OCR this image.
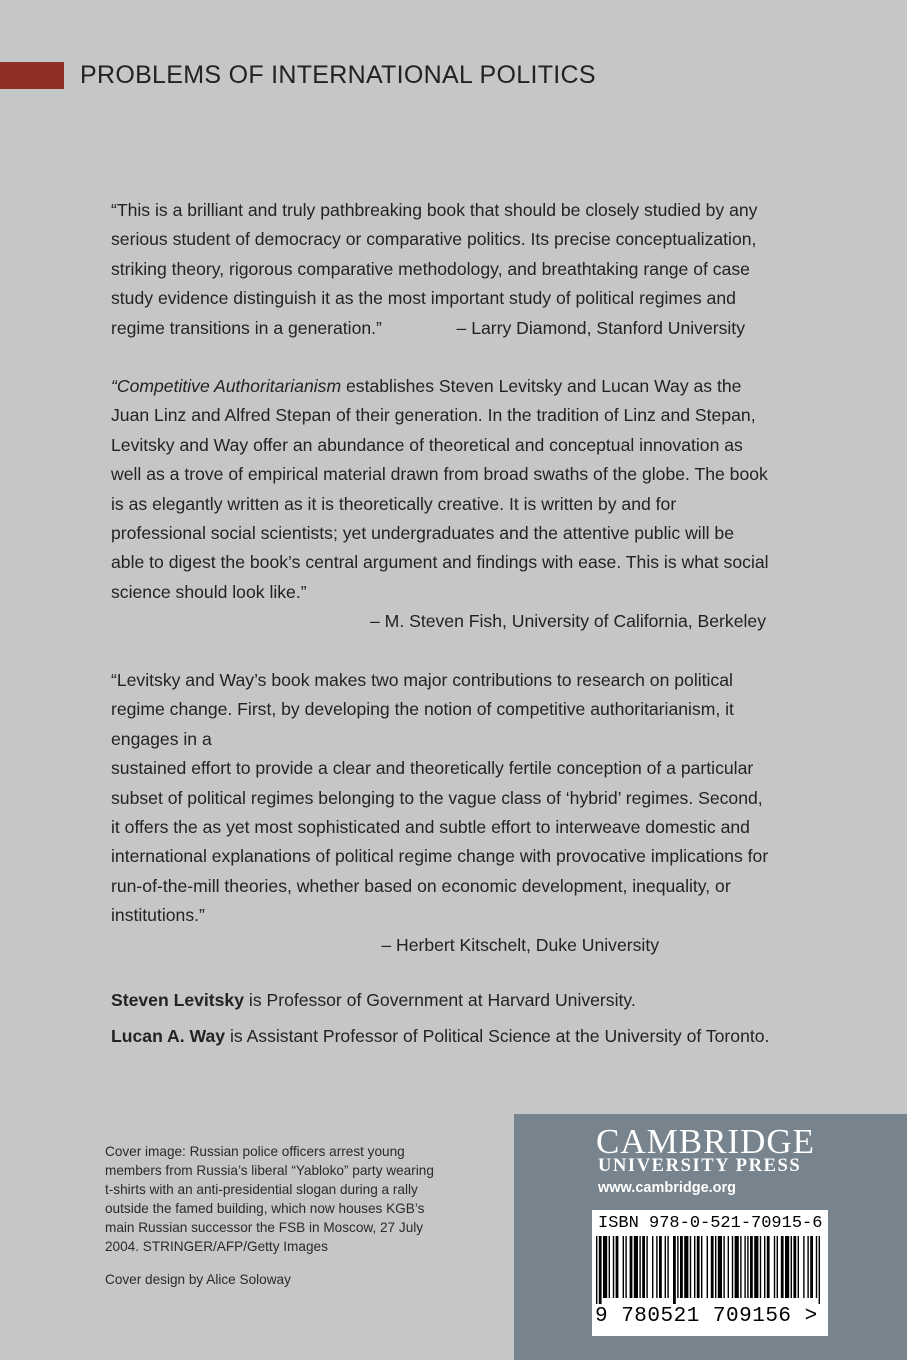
PROBLEMS OF INTERNATIONAL POLITICS

“This is a brilliant and truly pathbreaking book that should be closely studied by any serious student of democracy or comparative politics. Its precise conceptualization, striking theory, rigorous comparative methodology, and breathtaking range of case study evidence distinguish it as the most important study of political regimes and regime transitions in a generation.”	– Larry Diamond, Stanford University

“Competitive Authoritarianism establishes Steven Levitsky and Lucan Way as the Juan Linz and Alfred Stepan of their generation. In the tradition of Linz and Stepan, Levitsky and Way offer an abundance of theoretical and conceptual innovation as well as a trove of empirical material drawn from broad swaths of the globe. The book is as elegantly written as it is theoretically creative. It is written by and for professional social scientists; yet undergraduates and the attentive public will be able to digest the book’s central argument and findings with ease. This is what social science should look like.”

– M. Steven Fish, University of California, Berkeley

“Levitsky and Way’s book makes two major contributions to research on political regime change. First, by developing the notion of competitive authoritarianism, it engages in a

sustained effort to provide a clear and theoretically fertile conception of a particular subset of political regimes belonging to the vague class of ‘hybrid’ regimes. Second, it offers the as yet most sophisticated and subtle effort to interweave domestic and international explanations of political regime change with provocative implications for run-of-the-mill theories, whether based on economic development, inequality, or institutions.”

– Herbert Kitschelt, Duke University
Steven Levitsky is Professor of Government at Harvard University.
Lucan A. Way is Assistant Professor of Political Science at the University of Toronto.
Cover image: Russian police officers arrest young members from Russia’s liberal “Yabloko” party wearing t-shirts with an anti-presidential slogan during a rally outside the famed building, which now houses KGB’s main Russian successor the FSB in Moscow, 27 July 2004. STRINGER/AFP/Getty Images
Cover design by Alice Soloway
CAMBRIDGE
UNIVERSITY PRESS
www.cambridge.org
ISBN 978-0-521-70915-6
9 780521 709156 >
